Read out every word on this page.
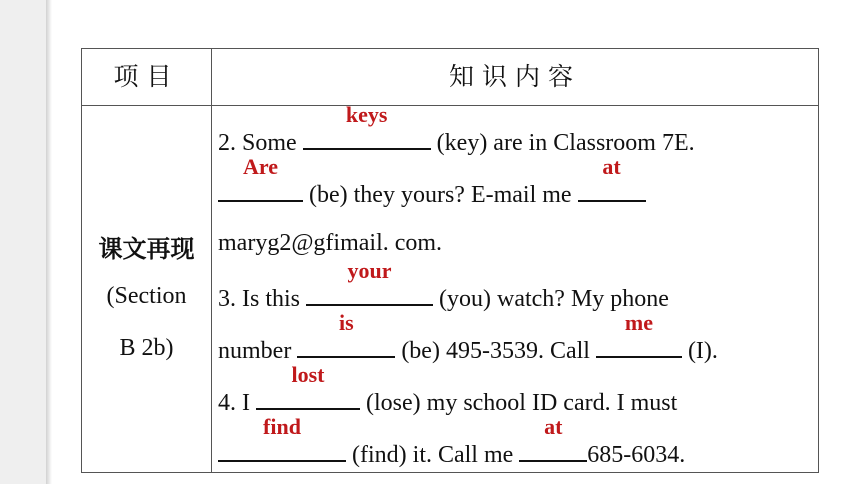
项目	知识内容
课文再现
(Section
B 2b)
2. Some
keys
(key) are in Classroom 7E.
Are
(be) they yours? E-mail me
at
maryg2@gfimail. com.
3. Is this
your
(you) watch? My phone
number
is
(be) 495-3539. Call
me
(I).
4. I
lost
(lose) my school ID card. I must
find
(find) it. Call me
at
685-6034.
